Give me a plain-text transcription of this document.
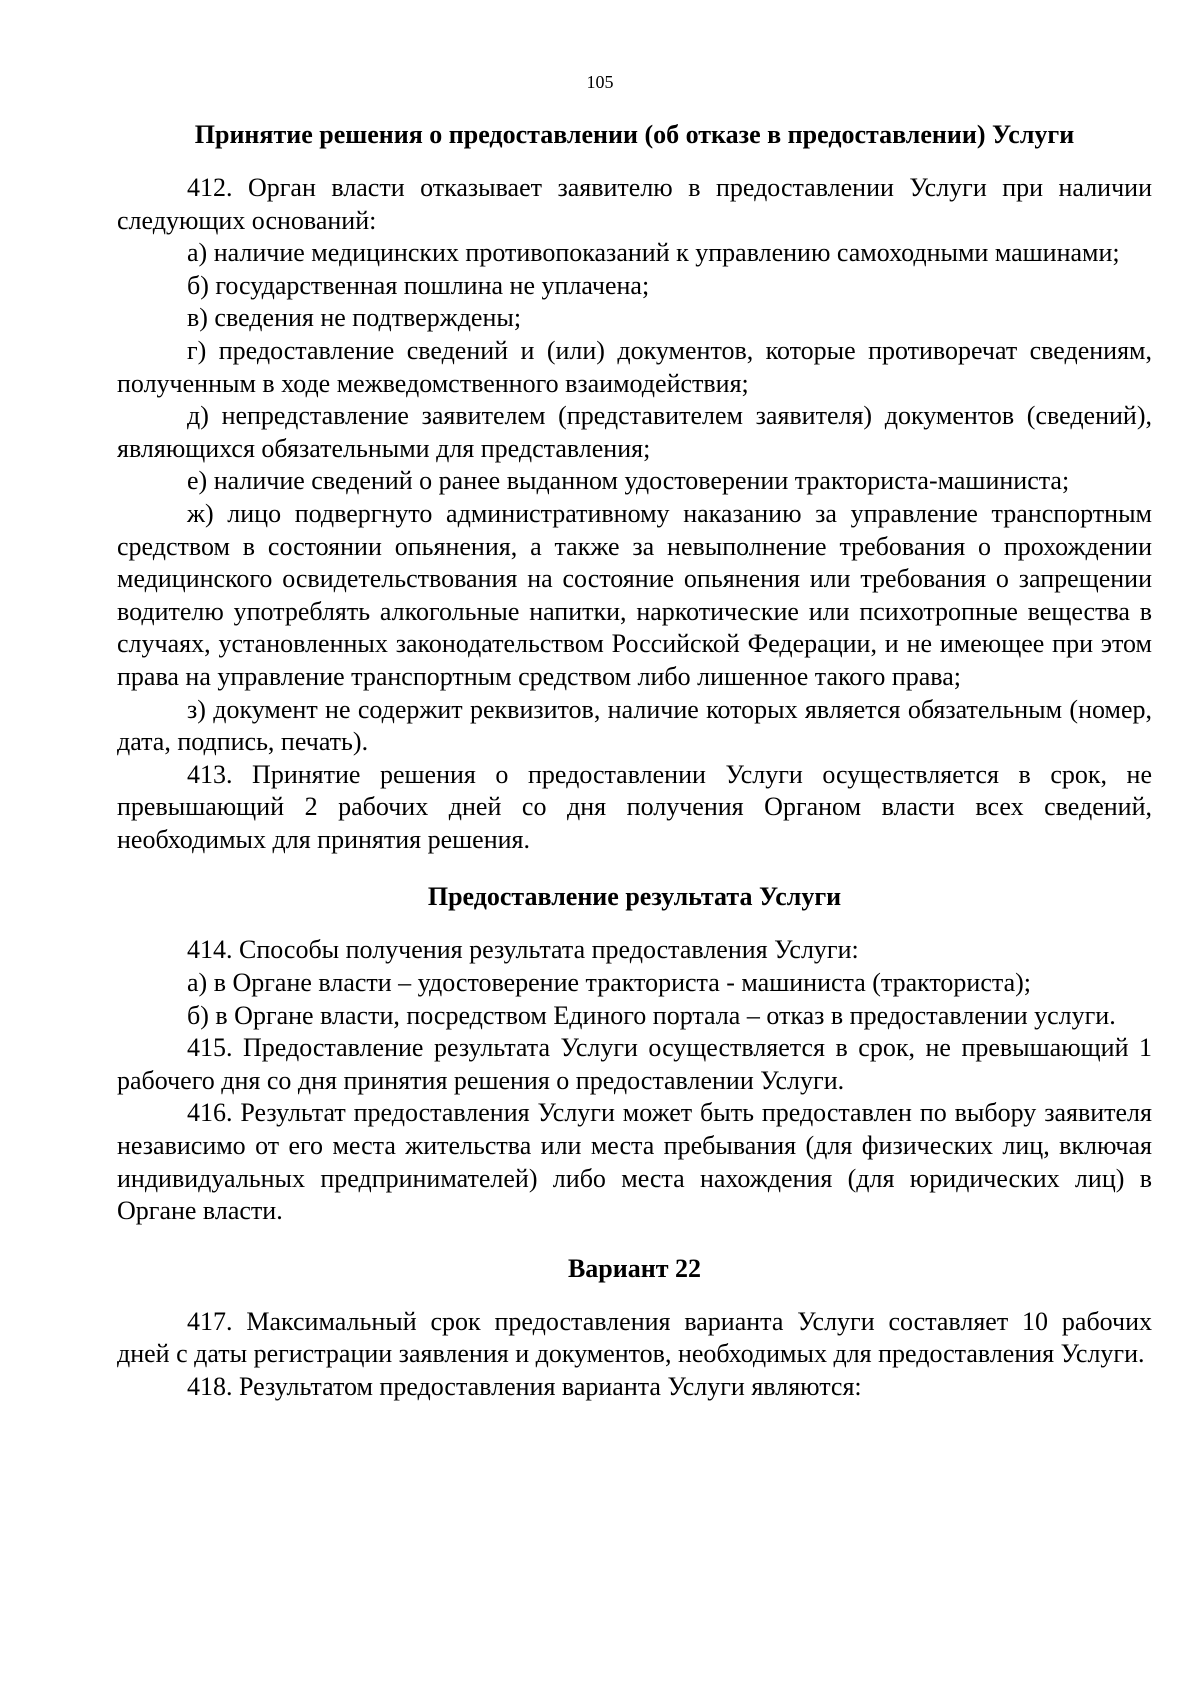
105
Принятие решения о предоставлении (об отказе в предоставлении) Услуги

412. Орган власти отказывает заявителю в предоставлении Услуги при наличии следующих оснований:

а) наличие медицинских противопоказаний к управлению самоходными машинами;

б) государственная пошлина не уплачена;

в) сведения не подтверждены;

г) предоставление сведений и (или) документов, которые противоречат сведениям, полученным в ходе межведомственного взаимодействия;

д) непредставление заявителем (представителем заявителя) документов (сведений), являющихся обязательными для представления;

е) наличие сведений о ранее выданном удостоверении тракториста-машиниста;

ж) лицо подвергнуто административному наказанию за управление транспортным средством в состоянии опьянения, а также за невыполнение требования о прохождении медицинского освидетельствования на состояние опьянения или требования о запрещении водителю употреблять алкогольные напитки, наркотические или психотропные вещества в случаях, установленных законодательством Российской Федерации, и не имеющее при этом права на управление транспортным средством либо лишенное такого права;

з) документ не содержит реквизитов, наличие которых является обязательным (номер, дата, подпись, печать).

413. Принятие решения о предоставлении Услуги осуществляется в срок, не превышающий 2 рабочих дней со дня получения Органом власти всех сведений, необходимых для принятия решения.

Предоставление результата Услуги

414. Способы получения результата предоставления Услуги:

а) в Органе власти – удостоверение тракториста - машиниста (тракториста);

б) в Органе власти, посредством Единого портала – отказ в предоставлении услуги.

415. Предоставление результата Услуги осуществляется в срок, не превышающий 1 рабочего дня со дня принятия решения о предоставлении Услуги.

416. Результат предоставления Услуги может быть предоставлен по выбору заявителя независимо от его места жительства или места пребывания (для физических лиц, включая индивидуальных предпринимателей) либо места нахождения (для юридических лиц) в Органе власти.

Вариант 22

417. Максимальный срок предоставления варианта Услуги составляет 10 рабочих дней с даты регистрации заявления и документов, необходимых для предоставления Услуги.

418. Результатом предоставления варианта Услуги являются:
